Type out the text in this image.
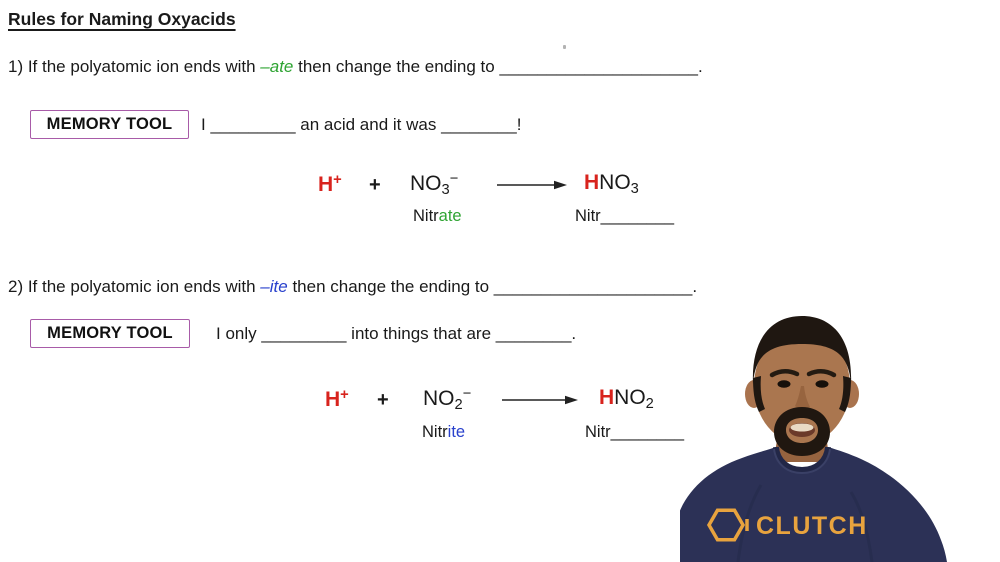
Rules for Naming Oxyacids
1) If the polyatomic ion ends with –ate then change the ending to _____________________.
MEMORY TOOL I _________ an acid and it was ________!
$H^+ + NO_3^-$	$HNO_3$
Nitrate	Nitr________
2) If the polyatomic ion ends with –ite then change the ending to _____________________.
MEMORY TOOL	I only _________ into things that are ________.
$H^+ + NO_2^-$	$HNO_2$
Nitrite	Nitr________
CLUTCH
